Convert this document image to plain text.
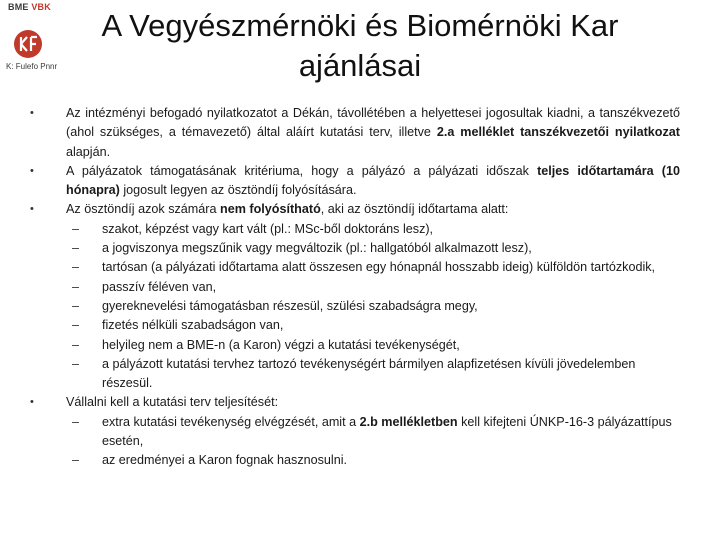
BME VBK
K: Fulefo Pnnr
A Vegyészmérnöki és Biomérnöki Kar ajánlásai
•	Az intézményi befogadó nyilatkozatot a Dékán, távollétében a helyettesei jogosultak kiadni, a tanszékvezető (ahol szükséges, a témavezető) által aláírt kutatási terv, illetve 2.a melléklet tanszékvezetői nyilatkozat alapján.
•	A pályázatok támogatásának kritériuma, hogy a pályázó a pályázati időszak teljes időtartamára (10 hónapra) jogosult legyen az ösztöndíj folyósítására.
•	Az ösztöndíj azok számára nem folyósítható, aki az ösztöndíj időtartama alatt:
– szakot, képzést vagy kart vált (pl.: MSc-ből doktoráns lesz),
– a jogviszonya megszűnik vagy megváltozik (pl.: hallgatóból alkalmazott lesz),
– tartósan (a pályázati időtartama alatt összesen egy hónapnál hosszabb ideig) külföldön tartózkodik,
– passzív féléven van,
– gyereknevelési támogatásban részesül, szülési szabadságra megy,
– fizetés nélküli szabadságon van,
– helyileg nem a BME-n (a Karon) végzi a kutatási tevékenységét,
– a pályázott kutatási tervhez tartozó tevékenységért bármilyen alapfizetésen kívüli jövedelemben részesül.
•	Vállalni kell a kutatási terv teljesítését:
– extra kutatási tevékenység elvégzését, amit a 2.b mellékletben kell kifejteni ÚNKP-16-3 pályázattípus esetén,
– az eredményei a Karon fognak hasznosulni.
